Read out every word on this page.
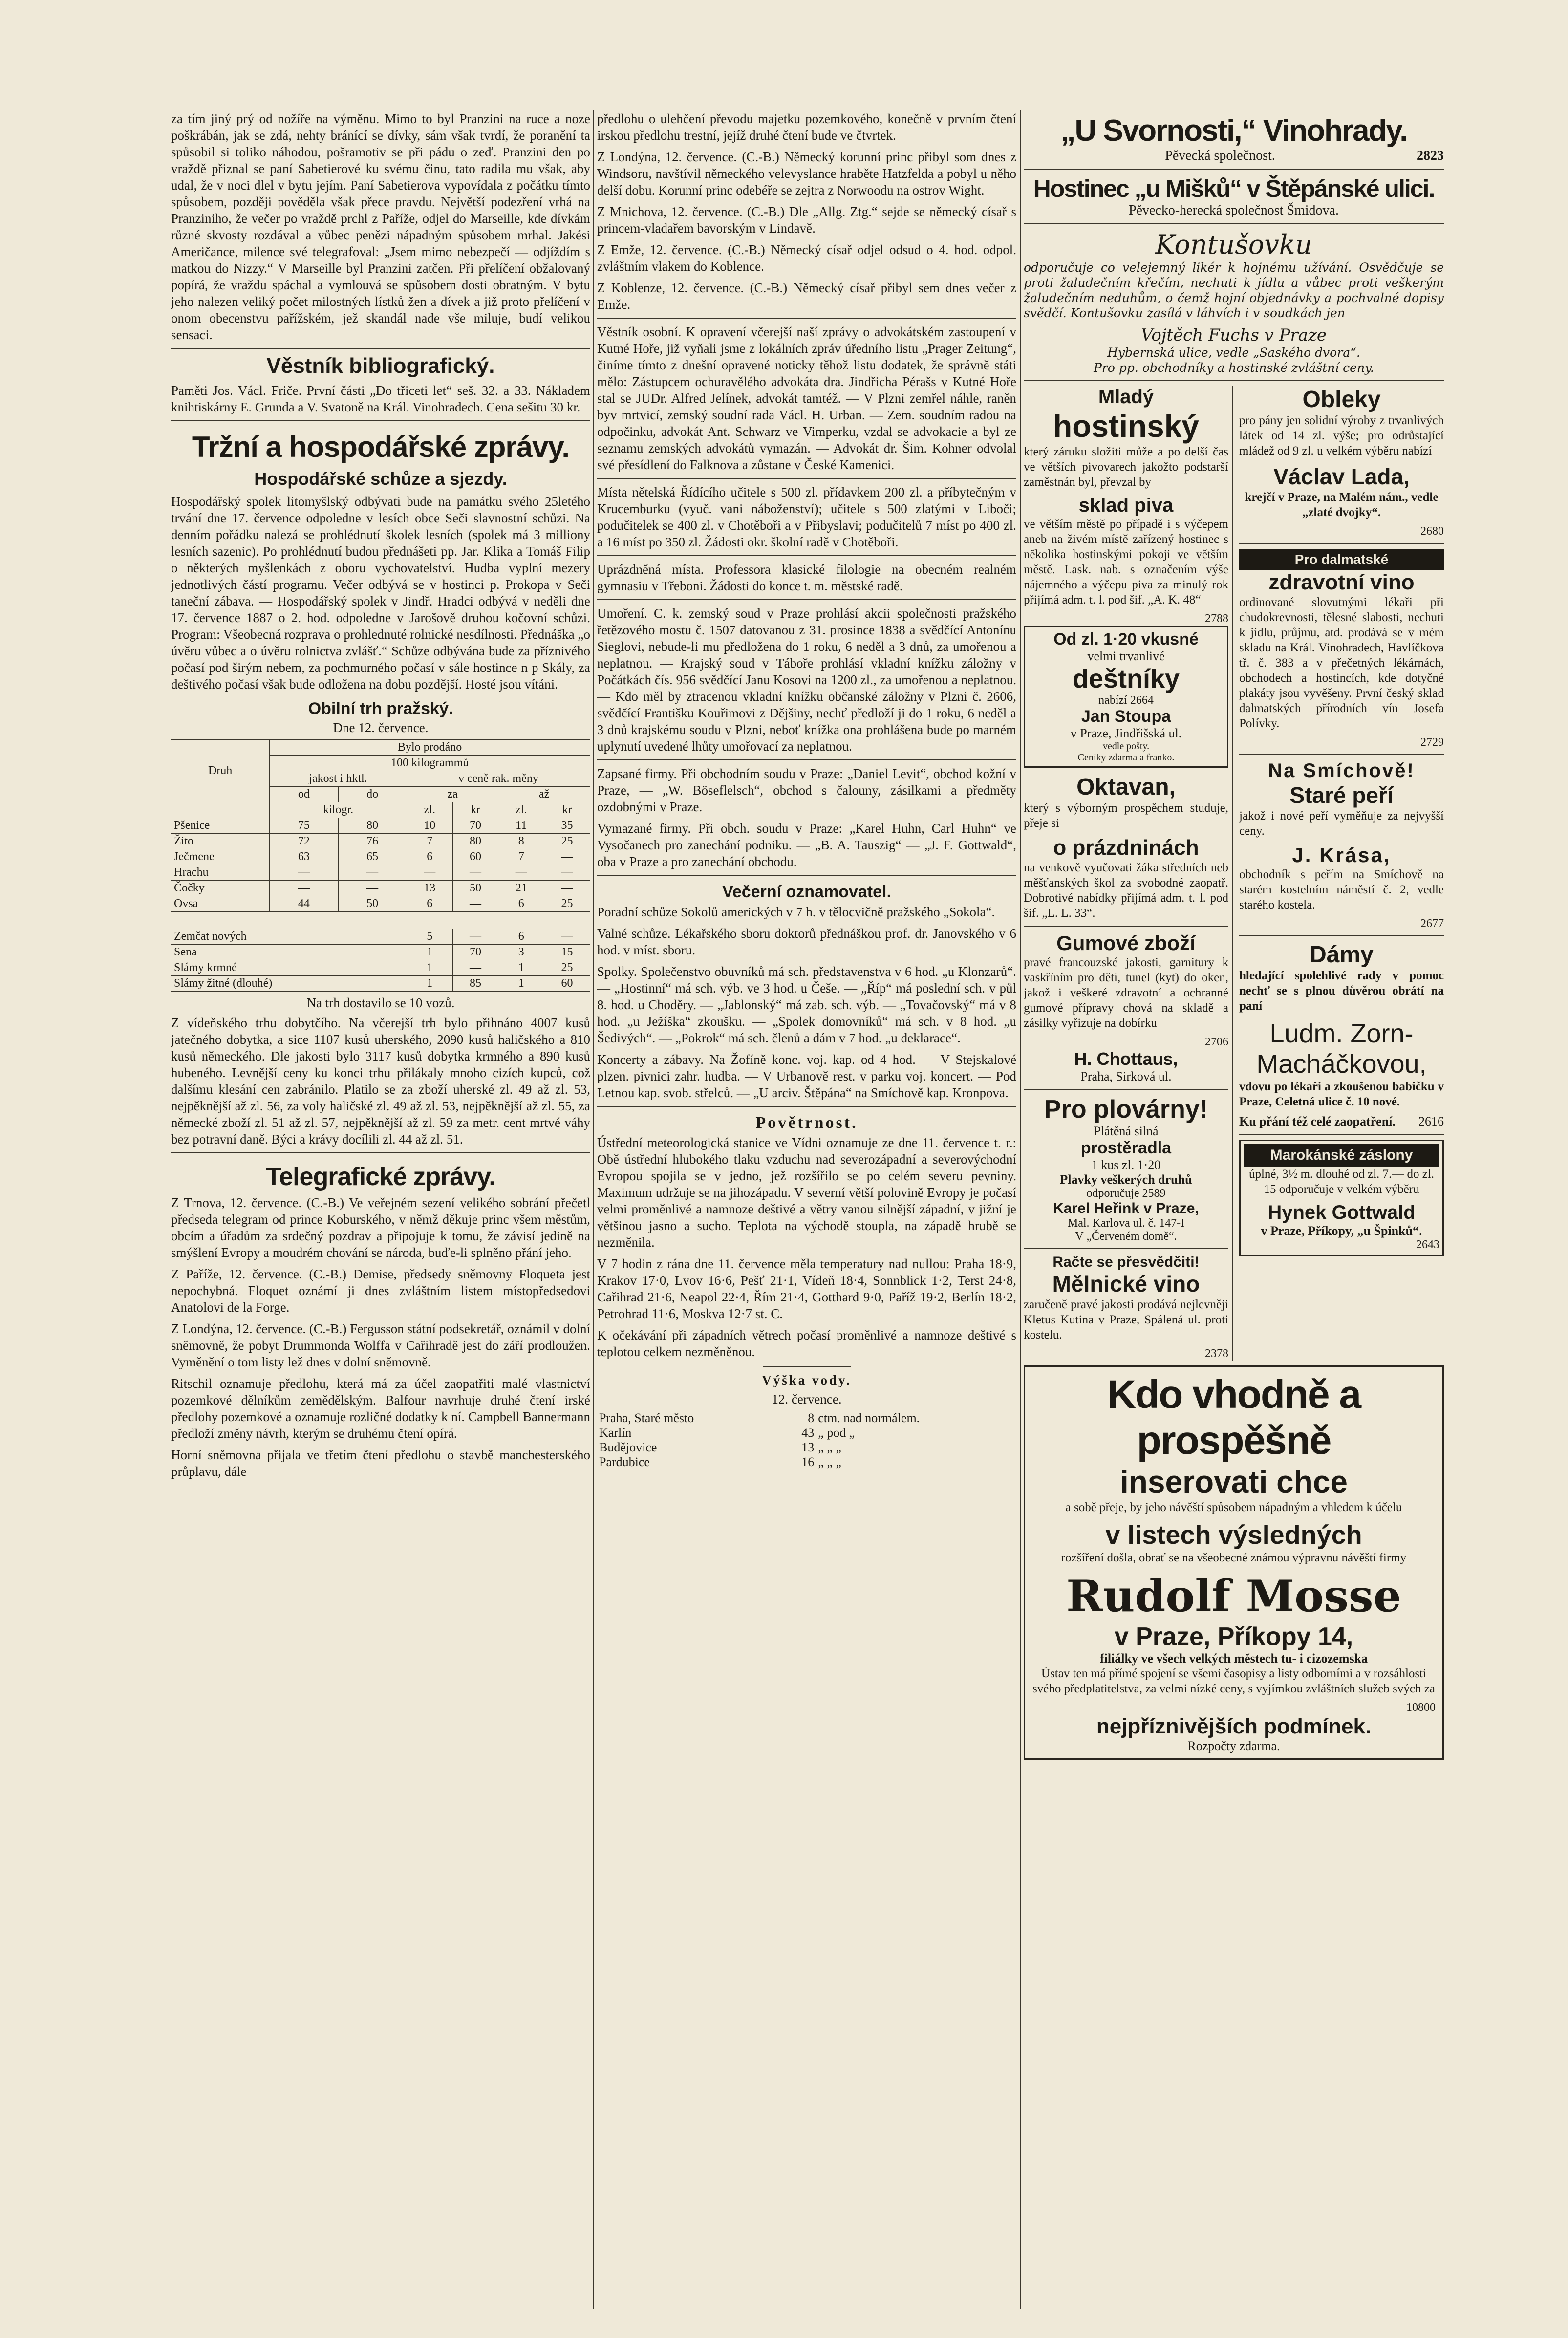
za tím jiný prý od nožíře na výměnu. Mimo to byl Pranzini na ruce a noze poškrábán, jak se zdá, nehty bránící se dívky, sám však tvrdí, že poranění ta spůsobil si toliko náhodou, pošramotiv se při pádu o zeď. Pranzini den po vraždě přiznal se paní Sabetierové ku svému činu, tato radila mu však, aby udal, že v noci dlel v bytu jejím. Paní Sabetierova vypovídala z počátku tímto spůsobem, později pověděla však přece pravdu. Největší podezření vrhá na Pranziniho, že večer po vraždě prchl z Paříže, odjel do Marseille, kde dívkám různé skvosty rozdával a vůbec penězi nápadným spůsobem mrhal. Jakési Američance, milence své telegrafoval: „Jsem mimo nebezpečí — odjíždím s matkou do Nizzy.“ V Marseille byl Pranzini zatčen. Při přelíčení obžalovaný popírá, že vraždu spáchal a vymlouvá se spůsobem dosti obratným. V bytu jeho nalezen veliký počet milostných lístků žen a dívek a již proto přelíčení v onom obecenstvu pařížském, jež skandál nade vše miluje, budí velikou sensaci.

Věstník bibliografický.

Paměti Jos. Václ. Friče. První části „Do třiceti let“ seš. 32. a 33. Nákladem knihtiskárny E. Grunda a V. Svatoně na Král. Vinohradech. Cena sešitu 30 kr.

Tržní a hospodářské zprávy.
Hospodářské schůze a sjezdy.

Hospodářský spolek litomyšlský odbývati bude na památku svého 25letého trvání dne 17. července odpoledne v lesích obce Seči slavnostní schůzi. Na denním pořádku nalezá se prohlédnutí školek lesních (spolek má 3 milliony lesních sazenic). Po prohlédnutí budou přednášeti pp. Jar. Klika a Tomáš Filip o některých myšlenkách z oboru vychovatelství. Hudba vyplní mezery jednotlivých částí programu. Večer odbývá se v hostinci p. Prokopa v Seči taneční zábava. — Hospodářský spolek v Jindř. Hradci odbývá v neděli dne 17. července 1887 o 2. hod. odpoledne v Jarošově druhou kočovní schůzi. Program: Všeobecná rozprava o prohlednuté rolnické nesdílnosti. Přednáška „o úvěru vůbec a o úvěru rolnictva zvlášť.“ Schůze odbývána bude za příznivého počasí pod širým nebem, za pochmurného počasí v sále hostince n p Skály, za deštivého počasí však bude odložena na dobu pozdější. Hosté jsou vítáni.

Obilní trh pražský.
Dne 12. července.
Druh	Bylo prodáno					
	100 kilogrammů					
	jakost i hktl.		v ceně rak. měny			
	od	do	za		až	
	kilogr.		zl.	kr	zl.	kr
Pšenice	75	80	10	70	11	35
Žito	72	76	7	80	8	25
Ječmene	63	65	6	60	7	—
Hrachu	—	—	—	—	—	—
Čočky	—	—	13	50	21	—
Ovsa	44	50	6	—	6	25

Zemčat nových			5	—	6	—
Sena			1	70	3	15
Slámy krmné			1	—	1	25
Slámy žitné (dlouhé)			1	85	1	60
Na trh dostavilo se 10 vozů.

Z vídeňského trhu dobytčího. Na včerejší trh bylo přihnáno 4007 kusů jatečného dobytka, a sice 1107 kusů uherského, 2090 kusů haličského a 810 kusů německého. Dle jakosti bylo 3117 kusů dobytka krmného a 890 kusů hubeného. Levnější ceny ku konci trhu přilákaly mnoho cizích kupců, což dalšímu klesání cen zabránilo. Platilo se za zboží uherské zl. 49 až zl. 53, nejpěknější až zl. 56, za voly haličské zl. 49 až zl. 53, nejpěknější až zl. 55, za německé zboží zl. 51 až zl. 57, nejpěknější až zl. 59 za metr. cent mrtvé váhy bez potravní daně. Býci a krávy docílili zl. 44 až zl. 51.

Telegrafické zprávy.

Z Trnova, 12. července. (C.-B.) Ve veřejném sezení velikého sobrání přečetl předseda telegram od prince Koburského, v němž děkuje princ všem městům, obcím a úřadům za srdečný pozdrav a připojuje k tomu, že závisí jedině na smýšlení Evropy a moudrém chování se národa, buďe-li splněno přání jeho.

Z Paříže, 12. července. (C.-B.) Demise, předsedy sněmovny Floqueta jest nepochybná. Floquet oznámí ji dnes zvláštním listem místopředsedovi Anatolovi de la Forge.

Z Londýna, 12. července. (C.-B.) Fergusson státní podsekretář, oznámil v dolní sněmovně, že pobyt Drummonda Wolffa v Cařihradě jest do září prodloužen. Vyměnění o tom listy lež dnes v dolní sněmovně.

Ritschil oznamuje předlohu, která má za účel zaopatřiti malé vlastnictví pozemkové dělníkům zemědělským. Balfour navrhuje druhé čtení irské předlohy pozemkové a oznamuje rozličné dodatky k ní. Campbell Bannermann předloží změny návrh, kterým se druhému čtení opírá.

Horní sněmovna přijala ve třetím čtení předlohu o stavbě manchesterského průplavu, dále

předlohu o ulehčení převodu majetku pozemkového, konečně v prvním čtení irskou předlohu trestní, jejíž druhé čtení bude ve čtvrtek.

Z Londýna, 12. července. (C.-B.) Německý korunní princ přibyl som dnes z Windsoru, navštívil německého velevyslance hraběte Hatzfelda a pobyl u něho delší dobu. Korunní princ odebéře se zejtra z Norwoodu na ostrov Wight.

Z Mnichova, 12. července. (C.-B.) Dle „Allg. Ztg.“ sejde se německý císař s princem-vladařem bavorským v Lindavě.

Z Emže, 12. července. (C.-B.) Německý císař odjel odsud o 4. hod. odpol. zvláštním vlakem do Koblence.

Z Koblenze, 12. července. (C.-B.) Německý císař přibyl sem dnes večer z Emže.

Věstník osobní. K opravení včerejší naší zprávy o advokátském zastoupení v Kutné Hoře, již vyňali jsme z lokálních zpráv úředního listu „Prager Zeitung“, činíme tímto z dnešní opravené noticky těhož listu dodatek, že správně státi mělo: Zástupcem ochuravělého advokáta dra. Jindřicha Pérašs v Kutné Hoře stal se JUDr. Alfred Jelínek, advokát tamtéž. — V Plzni zemřel náhle, raněn byv mrtvicí, zemský soudní rada Václ. H. Urban. — Zem. soudním radou na odpočinku, advokát Ant. Schwarz ve Vimperku, vzdal se advokacie a byl ze seznamu zemských advokátů vymazán. — Advokát dr. Šim. Kohner odvolal své přesídlení do Falknova a zůstane v České Kamenici.

Místa nětelská Řídícího učitele s 500 zl. přídavkem 200 zl. a příbytečným v Krucemburku (vyuč. vani náboženství); učitele s 500 zlatými v Liboči; podučitelek se 400 zl. v Chotěboři a v Přibyslavi; podučitelů 7 míst po 400 zl. a 16 míst po 350 zl. Žádosti okr. školní radě v Chotěboři.

Uprázdněná místa. Professora klasické filologie na obecném realném gymnasiu v Třeboni. Žádosti do konce t. m. městské radě.

Umoření. C. k. zemský soud v Praze prohlásí akcii společnosti pražského řetězového mostu č. 1507 datovanou z 31. prosince 1838 a svědčící Antonínu Sieglovi, nebude-li mu předložena do 1 roku, 6 neděl a 3 dnů, za umořenou a neplatnou. — Krajský soud v Táboře prohlásí vkladní knížku záložny v Počátkách čís. 956 svědčící Janu Kosovi na 1200 zl., za umořenou a neplatnou. — Kdo měl by ztracenou vkladní knížku občanské záložny v Plzni č. 2606, svědčící Františku Kouřimovi z Dějšiny, nechť předloží ji do 1 roku, 6 neděl a 3 dnů krajskému soudu v Plzni, neboť knížka ona prohlášena bude po marném uplynutí uvedené lhůty umořovací za neplatnou.

Zapsané firmy. Při obchodním soudu v Praze: „Daniel Levit“, obchod kožní v Praze, — „W. Böseflelsch“, obchod s čalouny, zásilkami a předměty ozdobnými v Praze.

Vymazané firmy. Při obch. soudu v Praze: „Karel Huhn, Carl Huhn“ ve Vysočanech pro zanechání podniku. — „B. A. Tauszig“ — „J. F. Gottwald“, oba v Praze a pro zanechání obchodu.

Večerní oznamovatel.

Poradní schůze Sokolů amerických v 7 h. v tělocvičně pražského „Sokola“.

Valné schůze. Lékařského sboru doktorů přednáškou prof. dr. Janovského v 6 hod. v míst. sboru.

Spolky. Společenstvo obuvníků má sch. představenstva v 6 hod. „u Klonzarů“. — „Hostinní“ má sch. výb. ve 3 hod. u Češe. — „Říp“ má poslední sch. v půl 8. hod. u Choděry. — „Jablonský“ má zab. sch. výb. — „Tovačovský“ má v 8 hod. „u Ježíška“ zkoušku. — „Spolek domovníků“ má sch. v 8 hod. „u Šedivých“. — „Pokrok“ má sch. členů a dám v 7 hod. „u deklarace“.

Koncerty a zábavy. Na Žofíně konc. voj. kap. od 4 hod. — V Stejskalové plzen. pivnici zahr. hudba. — V Urbanově rest. v parku voj. koncert. — Pod Letnou kap. svob. střelců. — „U arciv. Štěpána“ na Smíchově kap. Kronpova.

Povětrnost.

Ústřední meteorologická stanice ve Vídni oznamuje ze dne 11. července t. r.: Obě ústřední hlubokého tlaku vzduchu nad severozápadní a severovýchodní Evropou spojila se v jedno, jež rozšířilo se po celém severu pevniny. Maximum udržuje se na jihozápadu. V severní větší polovině Evropy je počasí velmi proměnlivé a namnoze deštivé a větry vanou silnější západní, v jižní je většinou jasno a sucho. Teplota na východě stoupla, na západě hrubě se nezměnila.

V 7 hodin z rána dne 11. července měla temperatury nad nullou: Praha 18·9, Krakov 17·0, Lvov 16·6, Pešť 21·1, Vídeň 18·4, Sonnblick 1·2, Terst 24·8, Cařihrad 21·6, Neapol 22·4, Řím 21·4, Gotthard 9·0, Paříž 19·2, Berlín 18·2, Petrohrad 11·6, Moskva 12·7 st. C.

K očekávání při západních větrech počasí proměnlivé a namnoze deštivé s teplotou celkem nezměněnou.

Výška vody.
12. července.
Praha, Staré město	8	ctm. nad normálem.
Karlín	43	„ pod „
Budějovice	13	„ „ „
Pardubice	16	„ „ „
„U Svornosti,“ Vinohrady.
Pěvecká společnost.	2823
Hostinec „u Mišků“ v Štěpánské ulici.
Pěvecko-herecká společnost Šmidova.
Kontušovku

odporučuje co velejemný likér k hojnému užívání. Osvědčuje se proti žaludečním křečím, nechuti k jídlu a vůbec proti veškerým žaludečním neduhům, o čemž hojní objednávky a pochvalné dopisy svědčí. Kontušovku zasílá v láhvích i v soudkách jen

Vojtěch Fuchs v Praze
Hybernská ulice, vedle „Saského dvora“.
Pro pp. obchodníky a hostinské zvláštní ceny.
Mladý
hostinský

který záruku složiti může a po delší čas ve větších pivovarech jakožto podstarší zaměstnán byl, převzal by

sklad piva

ve větším městě po případě i s výčepem aneb na živém místě zařízený hostinec s několika hostinskými pokoji ve větším městě. Lask. nab. s označením výše nájemného a výčepu piva za minulý rok přijímá adm. t. l. pod šif. „A. K. 48“

2788
Od zl. 1·20 vkusné
velmi trvanlivé
deštníky
nabízí 2664
Jan Stoupa
v Praze, Jindřišská ul.
vedle pošty.
Ceníky zdarma a franko.
Oktavan,

který s výborným prospěchem studuje, přeje si

o prázdninách

na venkově vyučovati žáka středních neb měšťanských škol za svobodné zaopatř. Dobrotivé nabídky přijímá adm. t. l. pod šif. „L. L. 33“.

Gumové zboží

pravé francouzské jakosti, garnitury k vaskříním pro děti, tunel (kyt) do oken, jakož i veškeré zdravotní a ochranné gumové přípravy chová na skladě a zásilky vyřizuje na dobírku

2706
H. Chottaus,
Praha, Sirková ul.
Pro plovárny!
Plátěná silná
prostěradla
1 kus zl. 1·20
Plavky veškerých druhů
odporučuje 2589
Karel Heřink v Praze,
Mal. Karlova ul. č. 147-I
V „Červeném domě“.
Račte se přesvědčiti!
Mělnické vino

zaručeně pravé jakosti prodává nejlevněji Kletus Kutina v Praze, Spálená ul. proti kostelu.

2378
Obleky

pro pány jen solidní výroby z trvanlivých látek od 14 zl. výše; pro odrůstající mládež od 9 zl. u velkém výběru nabízí

Václav Lada,

krejčí v Praze, na Malém nám., vedle „zlaté dvojky“.

2680
Pro dalmatské
zdravotní vino

ordinované slovutnými lékaři při chudokrevnosti, tělesné slabosti, nechuti k jídlu, průjmu, atd. prodává se v mém skladu na Král. Vinohradech, Havlíčkova tř. č. 383 a v přečetných lékárnách, obchodech a hostincích, kde dotyčné plakáty jsou vyvěšeny. První český sklad dalmatských přírodních vín Josefa Polívky.

2729
Na Smíchově!
Staré peří

jakož i nové peří vyměňuje za nejvyšší ceny.

J. Krása,

obchodník s peřím na Smíchově na starém kostelním náměstí č. 2, vedle starého kostela.

2677
Dámy

hledající spolehlivé rady v pomoc nechť se s plnou důvěrou obrátí na paní

Ludm. Zorn-
Macháčkovou,

vdovu po lékaři a zkoušenou babičku v Praze, Celetná ulice č. 10 nové.

Ku přání též celé zaopatření. 2616
Marokánské záslony

úplné, 3½ m. dlouhé od zl. 7.— do zl. 15 odporučuje v velkém výběru

Hynek Gottwald
v Praze, Příkopy, „u Špinků“.
2643
Kdo vhodně a prospěšně
inserovati chce

a sobě přeje, by jeho návěští spůsobem nápadným a vhledem k účelu

v listech výsledných

rozšíření došla, obrať se na všeobecné známou výpravnu návěští firmy

Rudolf Mosse
v Praze, Příkopy 14,
filiálky ve všech velkých městech tu- i cizozemska

Ústav ten má přímé spojení se všemi časopisy a listy odborními a v rozsáhlosti svého předplatitelstva, za velmi nízké ceny, s vyjímkou zvláštních služeb svých za

10800
nejpříznivějších podmínek.
Rozpočty zdarma.
